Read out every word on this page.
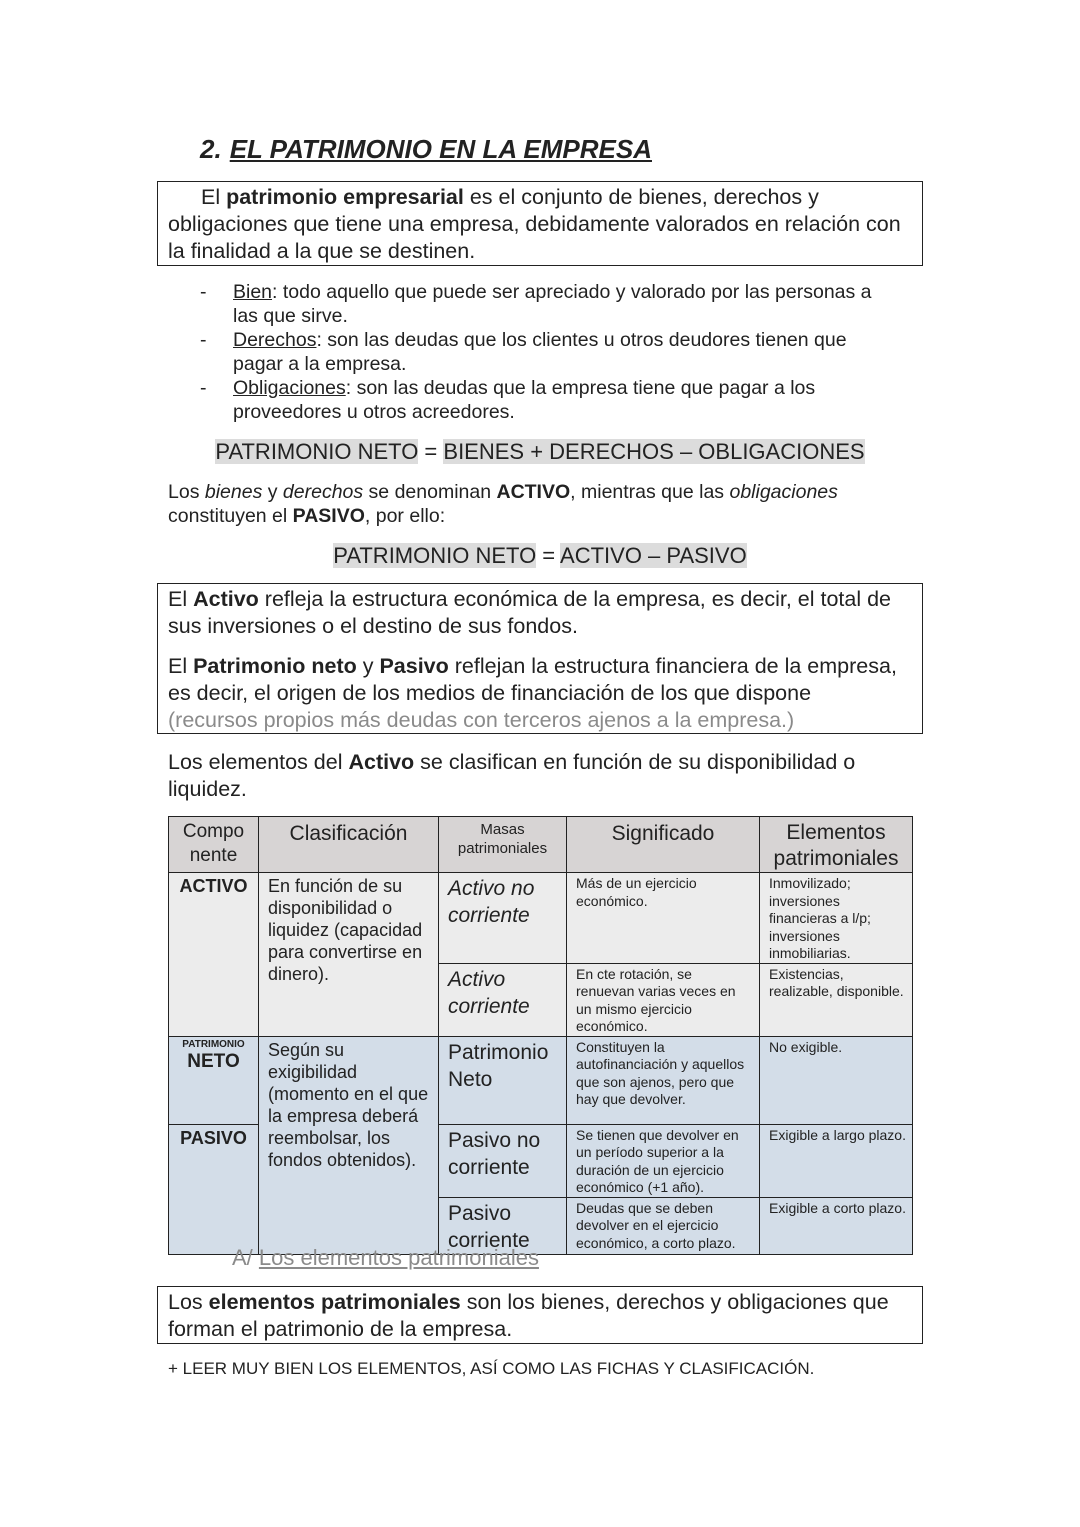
2. EL PATRIMONIO EN LA EMPRESA
El patrimonio empresarial es el conjunto de bienes, derechos y obligaciones que tiene una empresa, debidamente valorados en relación con la finalidad a la que se destinen.
- Bien: todo aquello que puede ser apreciado y valorado por las personas a las que sirve.
- Derechos: son las deudas que los clientes u otros deudores tienen que pagar a la empresa.
- Obligaciones: son las deudas que la empresa tiene que pagar a los proveedores u otros acreedores.
PATRIMONIO NETO = BIENES + DERECHOS – OBLIGACIONES
Los bienes y derechos se denominan ACTIVO, mientras que las obligaciones constituyen el PASIVO, por ello:
PATRIMONIO NETO = ACTIVO – PASIVO
El Activo refleja la estructura económica de la empresa, es decir, el total de sus inversiones o el destino de sus fondos.
El Patrimonio neto y Pasivo reflejan la estructura financiera de la empresa, es decir, el origen de los medios de financiación de los que dispone
(recursos propios más deudas con terceros ajenos a la empresa.)
Los elementos del Activo se clasifican en función de su disponibilidad o liquidez.
Compo nente	Clasificación	Masas patrimoniales	Significado	Elementos patrimoniales
ACTIVO	En función de su disponibilidad o liquidez (capacidad para convertirse en dinero).	Activo no corriente	Más de un ejercicio económico.	Inmovilizado; inversiones financieras a l/p; inversiones inmobiliarias.
		Activo corriente	En cte rotación, se renuevan varias veces en un mismo ejercicio económico.	Existencias, realizable, disponible.

PATRIMONIO
NETO	Según su exigibilidad (momento en el que la empresa deberá reembolsar, los fondos obtenidos).	Patrimonio Neto	Constituyen la autofinanciación y aquellos que son ajenos, pero que hay que devolver.	No exigible.
PASIVO		Pasivo no corriente	Se tienen que devolver en un período superior a la duración de un ejercicio económico (+1 año).	Exigible a largo plazo.
		Pasivo corriente	Deudas que se deben devolver en el ejercicio económico, a corto plazo.	Exigible a corto plazo.
A/ Los elementos patrimoniales
Los elementos patrimoniales son los bienes, derechos y obligaciones que forman el patrimonio de la empresa.
+ LEER MUY BIEN LOS ELEMENTOS, ASÍ COMO LAS FICHAS Y CLASIFICACIÓN.
